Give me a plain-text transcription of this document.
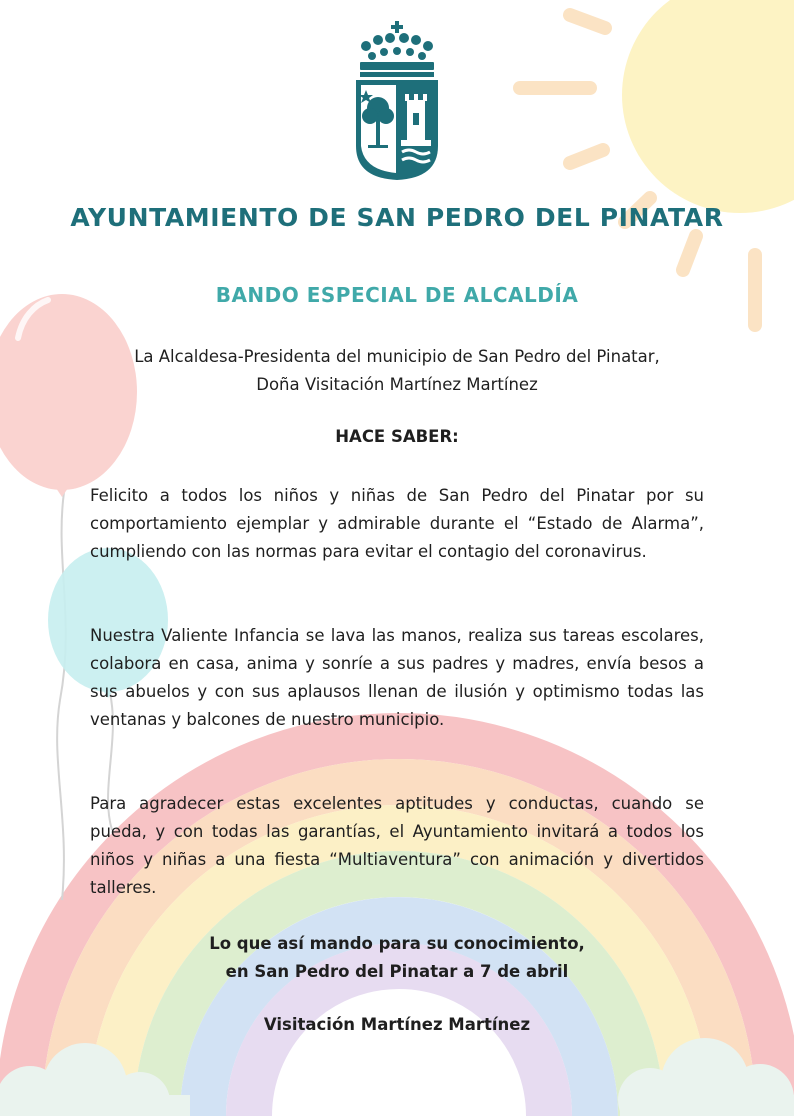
AYUNTAMIENTO DE SAN PEDRO DEL PINATAR
BANDO ESPECIAL DE ALCALDÍA

La Alcaldesa-Presidenta del municipio de San Pedro del Pinatar,

Doña Visitación Martínez Martínez

HACE SABER:

Felicito a todos los niños y niñas de San Pedro del Pinatar por su comportamiento ejemplar y admirable durante el “Estado de Alarma”, cumpliendo con las normas para evitar el contagio del coronavirus.

Nuestra Valiente Infancia se lava las manos, realiza sus tareas escolares, colabora en casa, anima y sonríe a sus padres y madres, envía besos a sus abuelos y con sus aplausos llenan de ilusión y optimismo todas las ventanas y balcones de nuestro municipio.

Para agradecer estas excelentes aptitudes y conductas, cuando se pueda, y con todas las garantías, el Ayuntamiento invitará a todos los niños y niñas a una fiesta “Multiaventura” con animación y divertidos talleres.

Lo que así mando para su conocimiento,

en San Pedro del Pinatar a 7 de abril

Visitación Martínez Martínez
